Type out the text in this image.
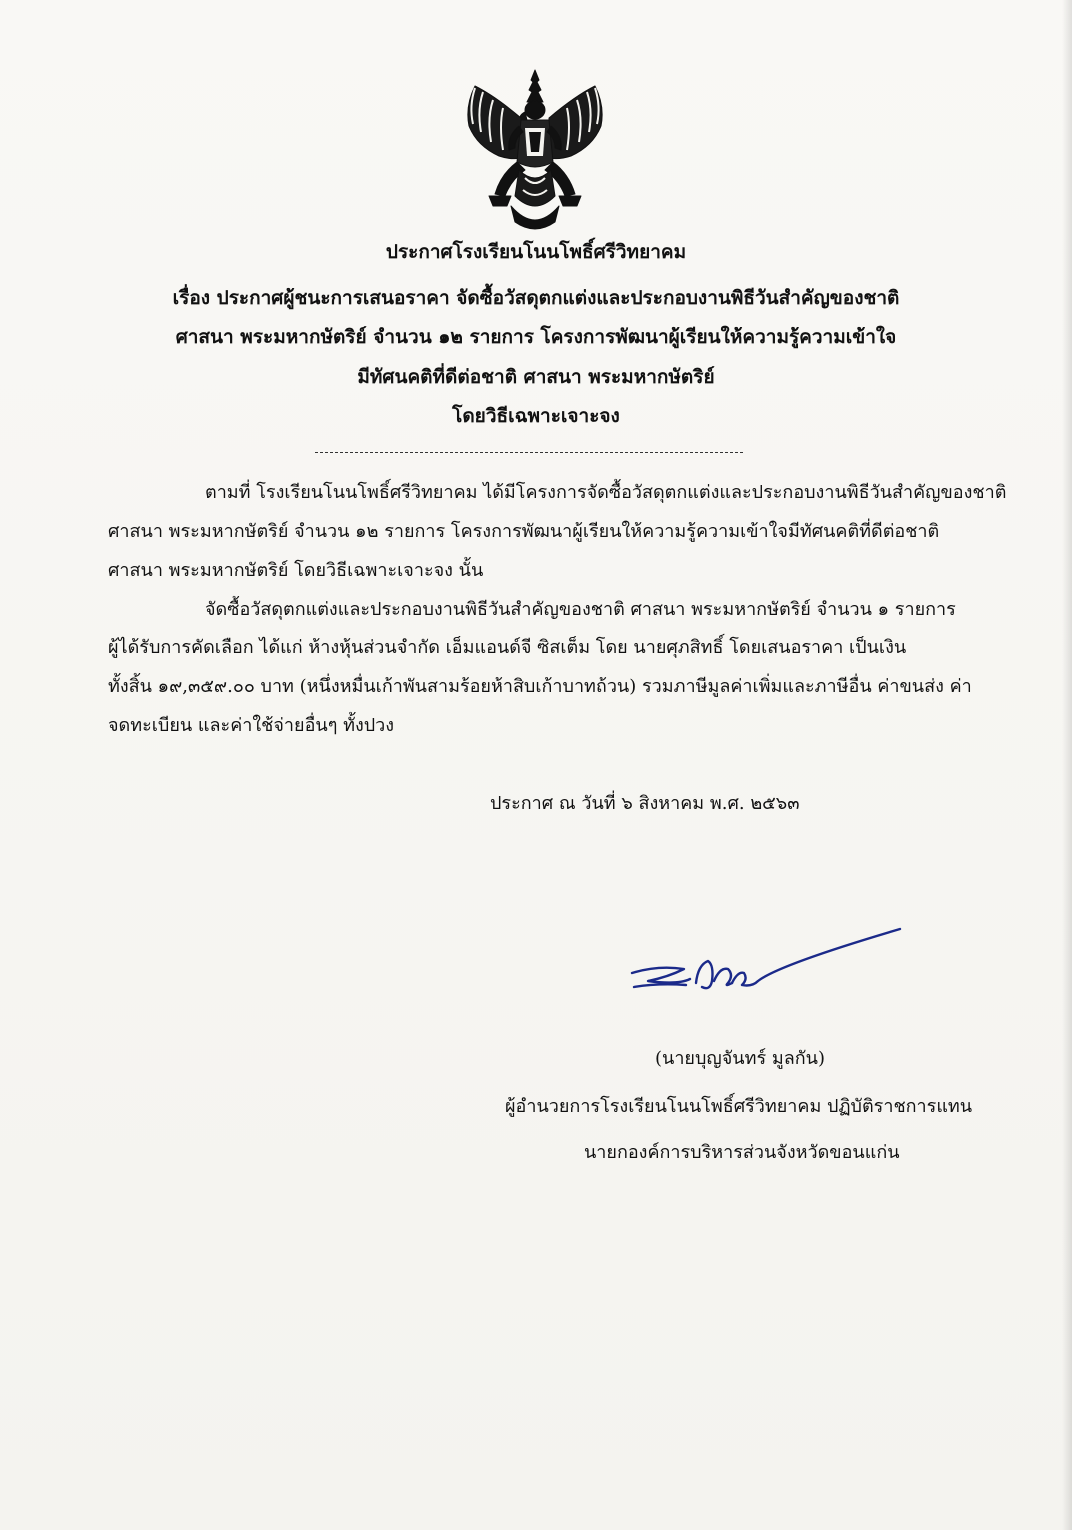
ประกาศโรงเรียนโนนโพธิ์ศรีวิทยาคม
เรื่อง ประกาศผู้ชนะการเสนอราคา จัดซื้อวัสดุตกแต่งและประกอบงานพิธีวันสำคัญของชาติ
ศาสนา พระมหากษัตริย์ จำนวน ๑๒ รายการ โครงการพัฒนาผู้เรียนให้ความรู้ความเข้าใจ
มีทัศนคติที่ดีต่อชาติ ศาสนา พระมหากษัตริย์
โดยวิธีเฉพาะเจาะจง
ตามที่ โรงเรียนโนนโพธิ์ศรีวิทยาคม ได้มีโครงการจัดซื้อวัสดุตกแต่งและประกอบงานพิธีวันสำคัญของชาติ
ศาสนา พระมหากษัตริย์ จำนวน ๑๒ รายการ โครงการพัฒนาผู้เรียนให้ความรู้ความเข้าใจมีทัศนคติที่ดีต่อชาติ
ศาสนา พระมหากษัตริย์ โดยวิธีเฉพาะเจาะจง นั้น
จัดซื้อวัสดุตกแต่งและประกอบงานพิธีวันสำคัญของชาติ ศาสนา พระมหากษัตริย์ จำนวน ๑ รายการ
ผู้ได้รับการคัดเลือก ได้แก่ ห้างหุ้นส่วนจำกัด เอ็มแอนด์จี ซิสเต็ม โดย นายศุภสิทธิ์ โดยเสนอราคา เป็นเงิน
ทั้งสิ้น ๑๙,๓๕๙.๐๐ บาท (หนึ่งหมื่นเก้าพันสามร้อยห้าสิบเก้าบาทถ้วน) รวมภาษีมูลค่าเพิ่มและภาษีอื่น ค่าขนส่ง ค่า
จดทะเบียน และค่าใช้จ่ายอื่นๆ ทั้งปวง
ประกาศ ณ วันที่ ๖ สิงหาคม พ.ศ. ๒๕๖๓
(นายบุญจันทร์ มูลกัน)
ผู้อำนวยการโรงเรียนโนนโพธิ์ศรีวิทยาคม ปฏิบัติราชการแทน
นายกองค์การบริหารส่วนจังหวัดขอนแก่น
